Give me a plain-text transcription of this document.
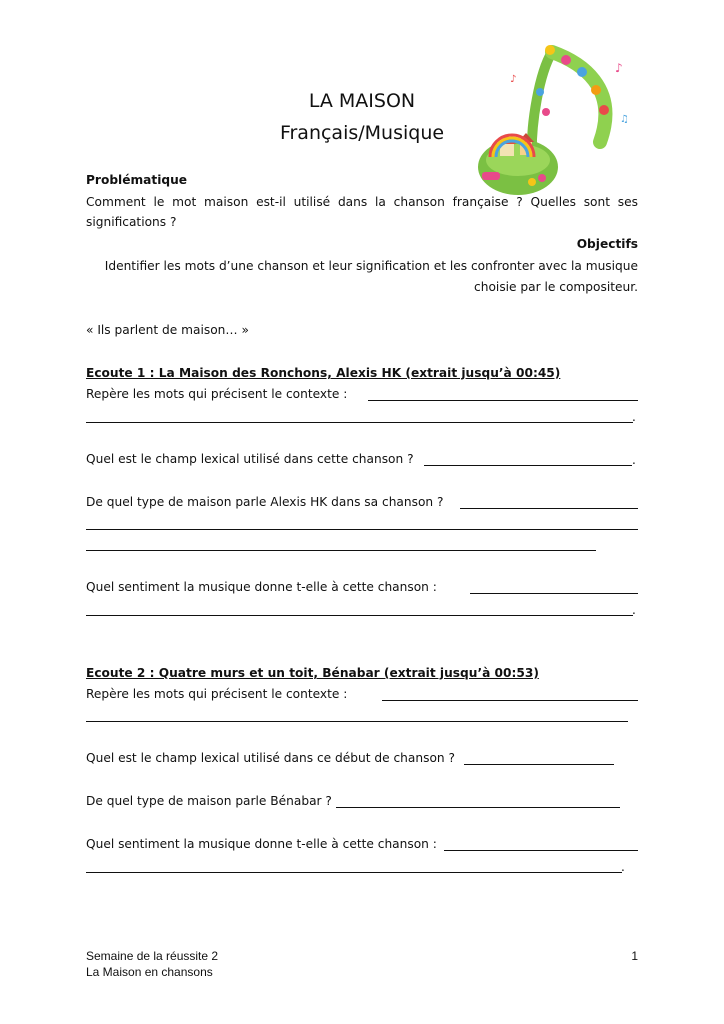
♪
♪
♫
LA MAISON
Français/Musique
Problématique
Comment le mot maison est-il utilisé dans la chanson française ? Quelles sont ses
significations ?
Objectifs
Identifier les mots d’une chanson et leur signification et les confronter avec la musique
choisie par le compositeur.
« Ils parlent de maison… »
Ecoute 1 : La Maison des Ronchons, Alexis HK (extrait jusqu’à 00:45)
Repère les mots qui précisent le contexte :
.
Quel est le champ lexical utilisé dans cette chanson ?	.
De quel type de maison parle Alexis HK dans sa chanson ?
Quel sentiment la musique donne t-elle à cette chanson :
.
Ecoute 2 : Quatre murs et un toit, Bénabar (extrait jusqu’à 00:53)
Repère les mots qui précisent le contexte :
Quel est le champ lexical utilisé dans ce début de chanson ?
De quel type de maison parle Bénabar ?
Quel sentiment la musique donne t-elle à cette chanson :
.
Semaine de la réussite 2
La Maison en chansons
1
